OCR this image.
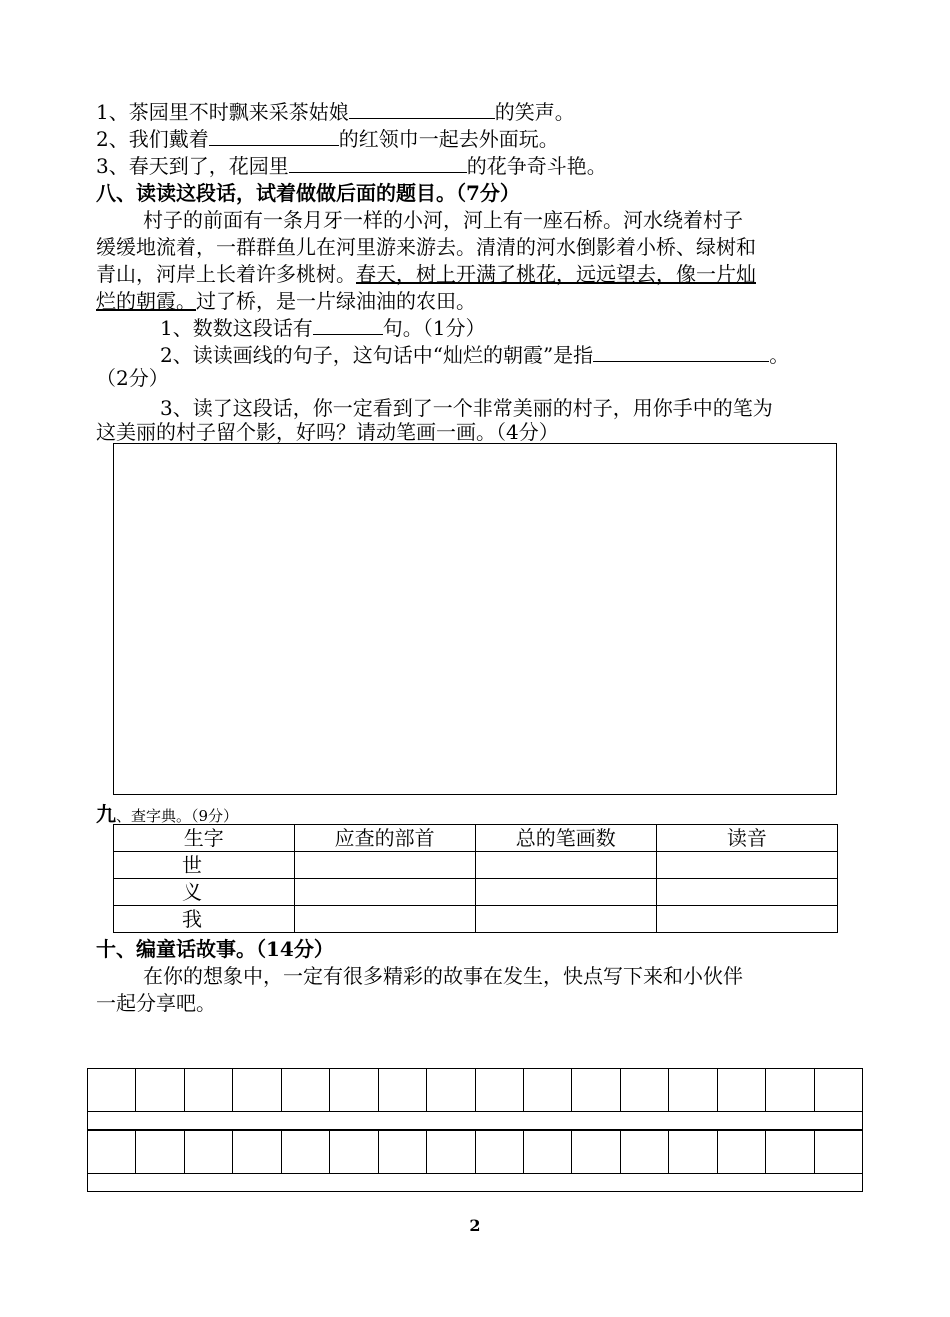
1、茶园里不时飘来采茶姑娘	的笑声。
2、我们戴着	的红领巾一起去外面玩。
3、春天到了，花园里	的花争奇斗艳。
八、读读这段话，试着做做后面的题目。（7分）
村子的前面有一条月牙一样的小河，河上有一座石桥。河水绕着村子
缓缓地流着，一群群鱼儿在河里游来游去。清清的河水倒影着小桥、绿树和
青山，河岸上长着许多桃树。春天，树上开满了桃花，远远望去，像一片灿
烂的朝霞。过了桥，是一片绿油油的农田。
1、数数这段话有	句。（1分）
2、读读画线的句子，这句话中“灿烂的朝霞”是指	。
（2分）
3、读了这段话，你一定看到了一个非常美丽的村子，用你手中的笔为
这美丽的村子留个影，好吗？请动笔画一画。（4分）
九、查字典。（9分）
生字	应查的部首	总的笔画数	读音
世			
义			
我			
十、编童话故事。（14分）
在你的想象中，一定有很多精彩的故事在发生，快点写下来和小伙伴
一起分享吧。

2
